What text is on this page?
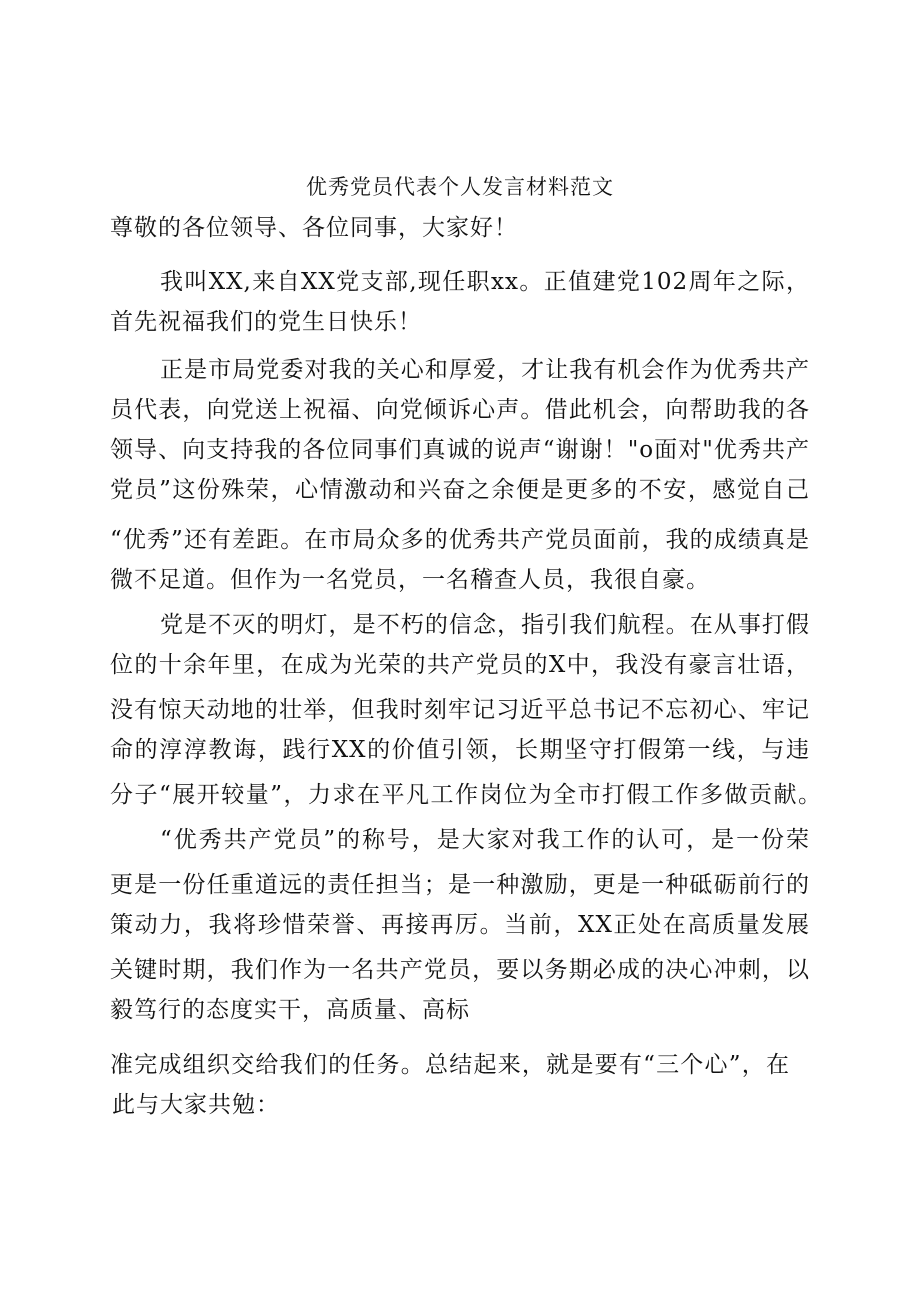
优秀党员代表个人发言材料范文
尊敬的各位领导、各位同事，大家好！
我叫XX,来自XX党支部,现任职xx。正值建党102周年之际，
首先祝福我们的党生日快乐！
正是市局党委对我的关心和厚爱，才让我有机会作为优秀共产
员代表，向党送上祝福、向党倾诉心声。借此机会，向帮助我的各
领导、向支持我的各位同事们真诚的说声“谢谢！"o面对"优秀共产
党员”这份殊荣，心情激动和兴奋之余便是更多的不安，感觉自己
“优秀”还有差距。在市局众多的优秀共产党员面前，我的成绩真是
微不足道。但作为一名党员，一名稽查人员，我很自豪。
党是不灭的明灯，是不朽的信念，指引我们航程。在从事打假
位的十余年里，在成为光荣的共产党员的X中，我没有豪言壮语，
没有惊天动地的壮举，但我时刻牢记习近平总书记不忘初心、牢记
命的淳淳教诲，践行XX的价值引领，长期坚守打假第一线，与违
分子“展开较量”，力求在平凡工作岗位为全市打假工作多做贡献。
“优秀共产党员”的称号，是大家对我工作的认可，是一份荣
更是一份任重道远的责任担当；是一种激励，更是一种砥砺前行的
策动力，我将珍惜荣誉、再接再厉。当前，XX正处在高质量发展
关键时期，我们作为一名共产党员，要以务期必成的决心冲刺，以
毅笃行的态度实干，高质量、高标
准完成组织交给我们的任务。总结起来，就是要有“三个心”，在
此与大家共勉：
